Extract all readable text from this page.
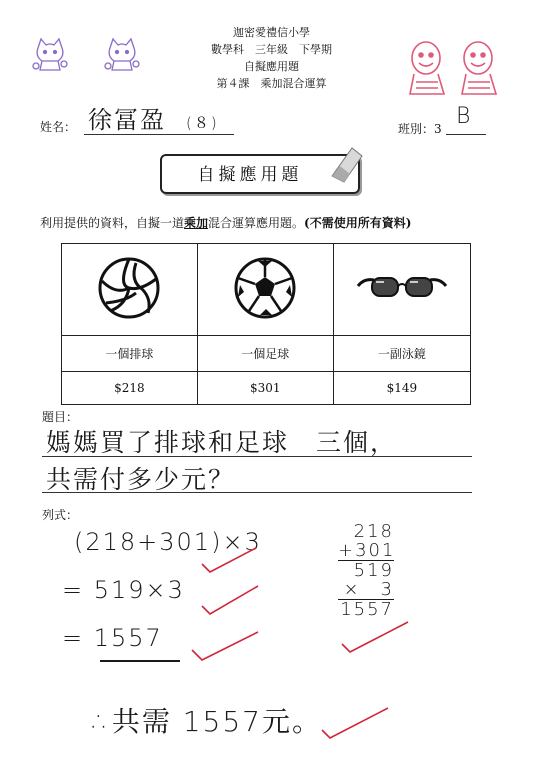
迦密愛禮信小學
數學科　三年級　下學期
自擬應用題
第４課　乘加混合運算
姓名： 徐冨盈 (８)	班別：3 B
自擬應用題
利用提供的資料，自擬一道乘加混合運算應用題。(不需使用所有資料)

一個排球	一個足球	一副泳鏡
$218	$301	$149
題目：
媽媽買了排球和足球　三個，
共需付多少元？
列式：
(218+301)×3
= 519×3
= 1557
∴共需 1557元。
218
+301
519
×　3
1557
